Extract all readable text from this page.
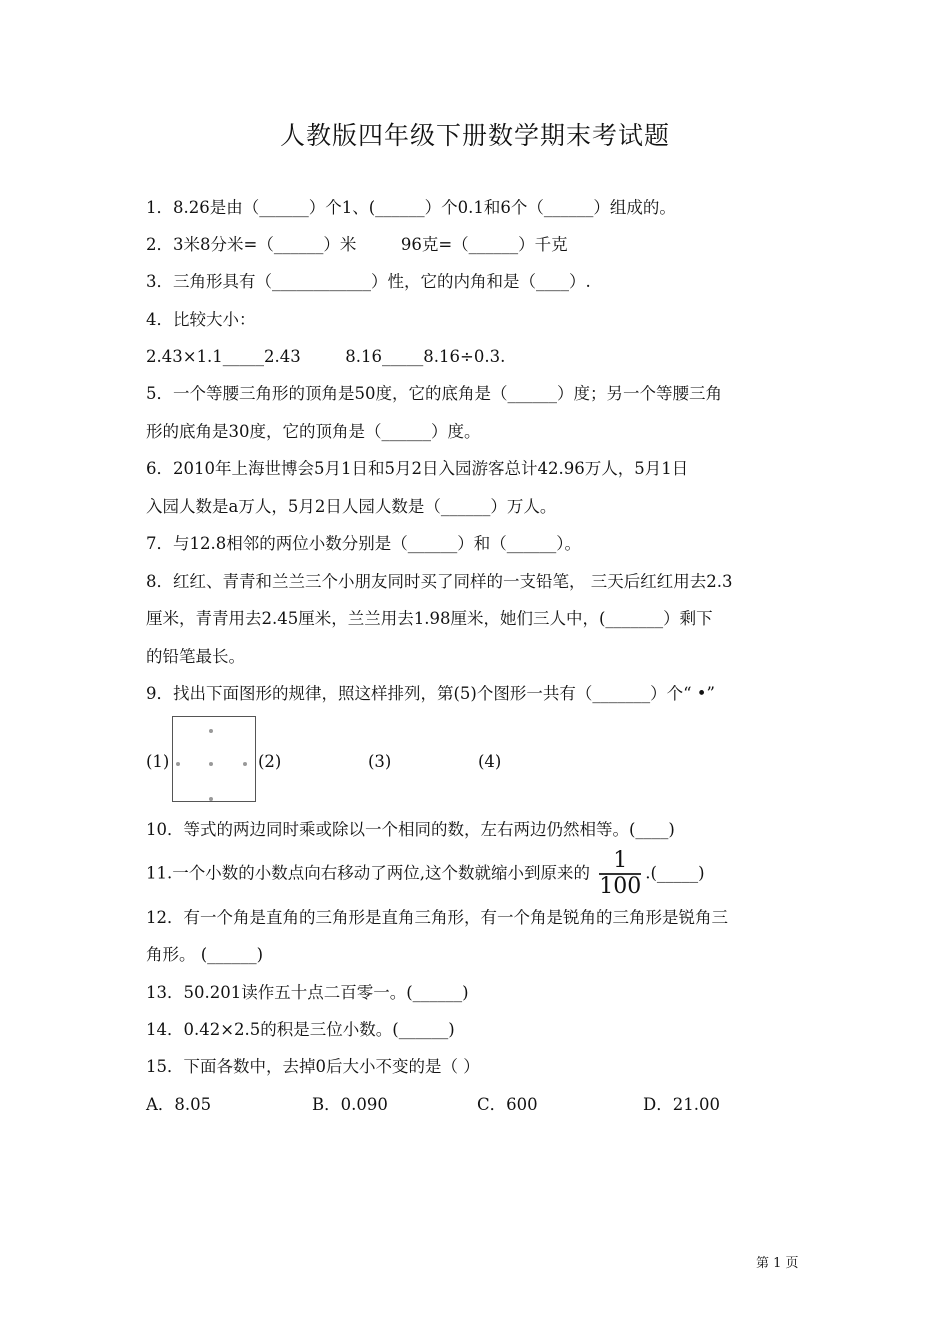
人教版四年级下册数学期末考试题
1．8.26是由（______）个1、(______）个0.1和6个（______）组成的。
2．3米8分米=（______）米	96克=（______）千克
3．三角形具有（____________）性，它的内角和是（____）.
4．比较大小：
2.43×1.1_____2.43	8.16_____8.16÷0.3.
5．一个等腰三角形的顶角是50度，它的底角是（______）度；另一个等腰三角
形的底角是30度，它的顶角是（______）度。
6．2010年上海世博会5月1日和5月2日入园游客总计42.96万人，5月1日
入园人数是a万人，5月2日人园人数是（______）万人。
7．与12.8相邻的两位小数分别是（______）和（______）。
8．红红、青青和兰兰三个小朋友同时买了同样的一支铅笔， 三天后红红用去2.3
厘米，青青用去2.45厘米，兰兰用去1.98厘米，她们三人中，(_______）剩下
的铅笔最长。
9．找出下面图形的规律，照这样排列，第(5)个图形一共有（_______）个“ •”
(1)	(2)	(3)	(4)
10．等式的两边同时乘或除以一个相同的数，左右两边仍然相等。(____)
11.一个小数的小数点向右移动了两位,这个数就缩小到原来的 $\frac{1}{100}$ .(_____)
12．有一个角是直角的三角形是直角三角形，有一个角是锐角的三角形是锐角三
角形。 (______)
13．50.201读作五十点二百零一。(______)
14．0.42×2.5的积是三位小数。(______)
15．下面各数中，去掉0后大小不变的是（ ）
A．8.05	B．0.090	C．600	D．21.00
第 1 页
